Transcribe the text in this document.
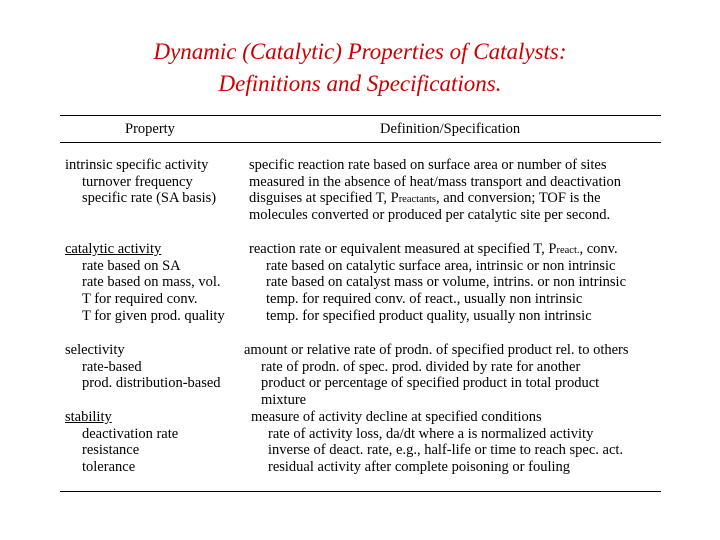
Dynamic (Catalytic) Properties of Catalysts:
Definitions and Specifications.
Property	Definition/Specification
intrinsic specific activity
turnover frequency
specific rate (SA basis)
specific reaction rate based on surface area or number of sites
measured in the absence of heat/mass transport and deactivation
disguises at specified T, Preactants, and conversion; TOF is the
molecules converted or produced per catalytic site per second.
catalytic activity
rate based on SA
rate based on mass, vol.
T for required conv.
T for given prod. quality
reaction rate or equivalent measured at specified T, Preact., conv.
rate based on catalytic surface area, intrinsic or non intrinsic
rate based on catalyst mass or volume, intrins. or non intrinsic
temp. for required conv. of react., usually non intrinsic
temp. for specified product quality, usually non intrinsic
selectivity
rate-based
prod. distribution-based
amount or relative rate of prodn. of specified product rel. to others
rate of prodn. of spec. prod. divided by rate for another
product or percentage of specified product in total product
mixture
stability
deactivation rate
resistance
tolerance
measure of activity decline at specified conditions
rate of activity loss, da/dt where a is normalized activity
inverse of deact. rate, e.g., half-life or time to reach spec. act.
residual activity after complete poisoning or fouling
